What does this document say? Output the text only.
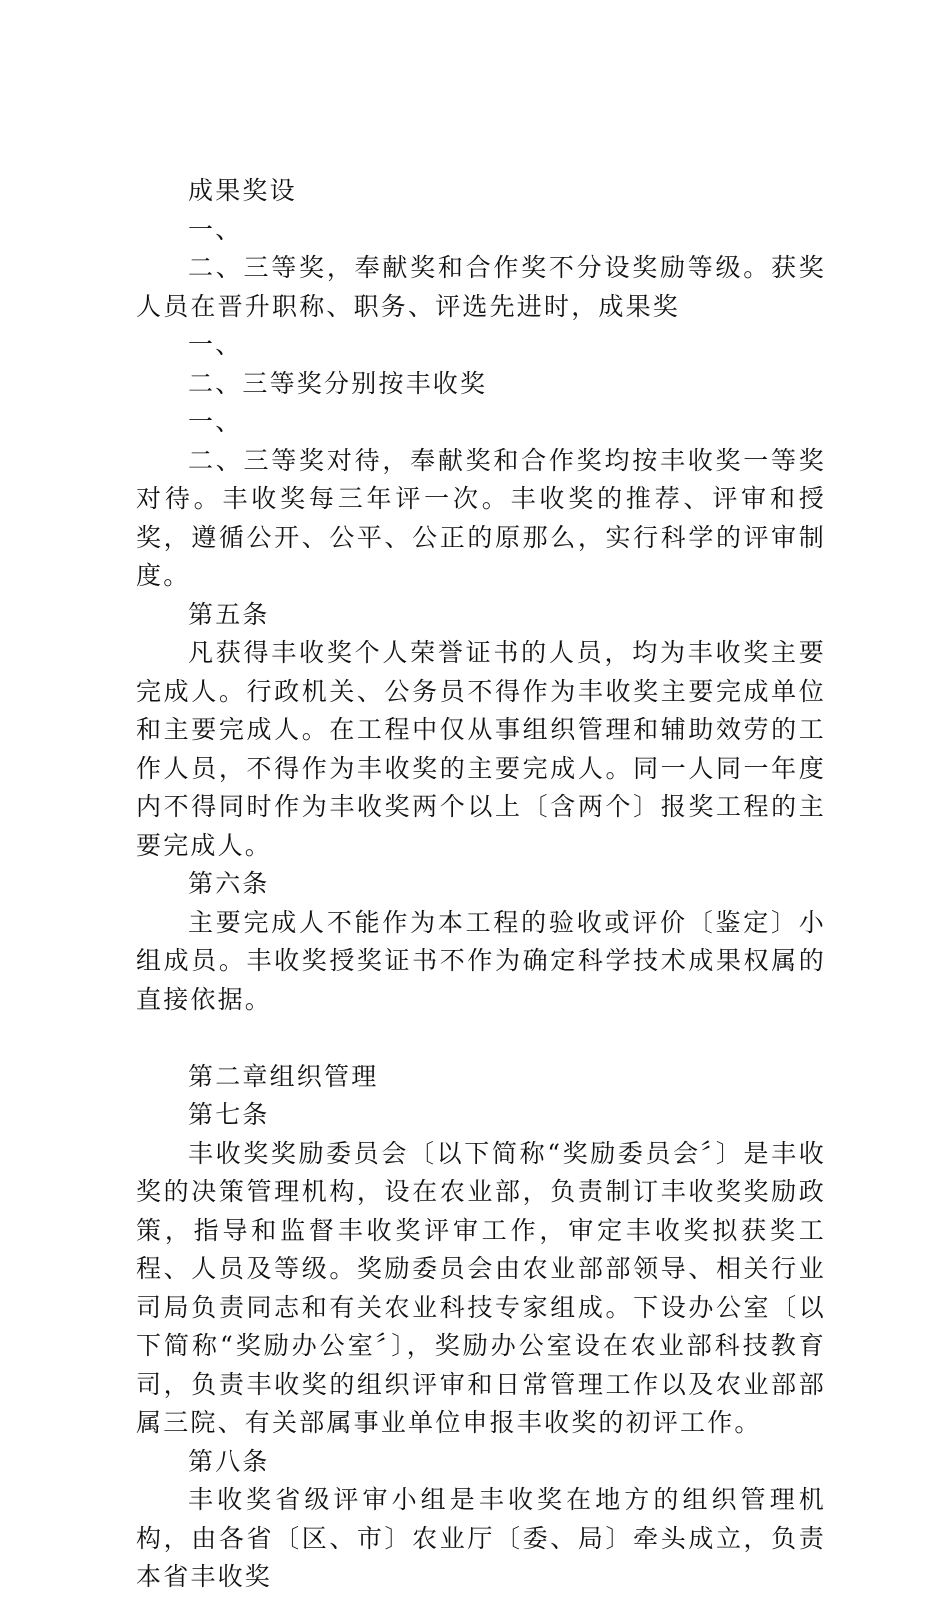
成果奖设

一、

二、三等奖，奉献奖和合作奖不分设奖励等级。获奖人员在晋升职称、职务、评选先进时，成果奖

一、

二、三等奖分别按丰收奖

一、

二、三等奖对待，奉献奖和合作奖均按丰收奖一等奖对待。丰收奖每三年评一次。丰收奖的推荐、评审和授奖，遵循公开、公平、公正的原那么，实行科学的评审制度。

第五条

凡获得丰收奖个人荣誉证书的人员，均为丰收奖主要完成人。行政机关、公务员不得作为丰收奖主要完成单位和主要完成人。在工程中仅从事组织管理和辅助效劳的工作人员，不得作为丰收奖的主要完成人。同一人同一年度内不得同时作为丰收奖两个以上〔含两个〕报奖工程的主要完成人。

第六条

主要完成人不能作为本工程的验收或评价〔鉴定〕小组成员。丰收奖授奖证书不作为确定科学技术成果权属的直接依据。

第二章组织管理

第七条

丰收奖奖励委员会〔以下简称“奖励委员会〞〕是丰收奖的决策管理机构，设在农业部，负责制订丰收奖奖励政策，指导和监督丰收奖评审工作，审定丰收奖拟获奖工程、人员及等级。奖励委员会由农业部部领导、相关行业司局负责同志和有关农业科技专家组成。下设办公室〔以下简称“奖励办公室〞〕，奖励办公室设在农业部科技教育司，负责丰收奖的组织评审和日常管理工作以及农业部部属三院、有关部属事业单位申报丰收奖的初评工作。

第八条

丰收奖省级评审小组是丰收奖在地方的组织管理机构，由各省〔区、市〕农业厅〔委、局〕牵头成立，负责本省丰收奖
